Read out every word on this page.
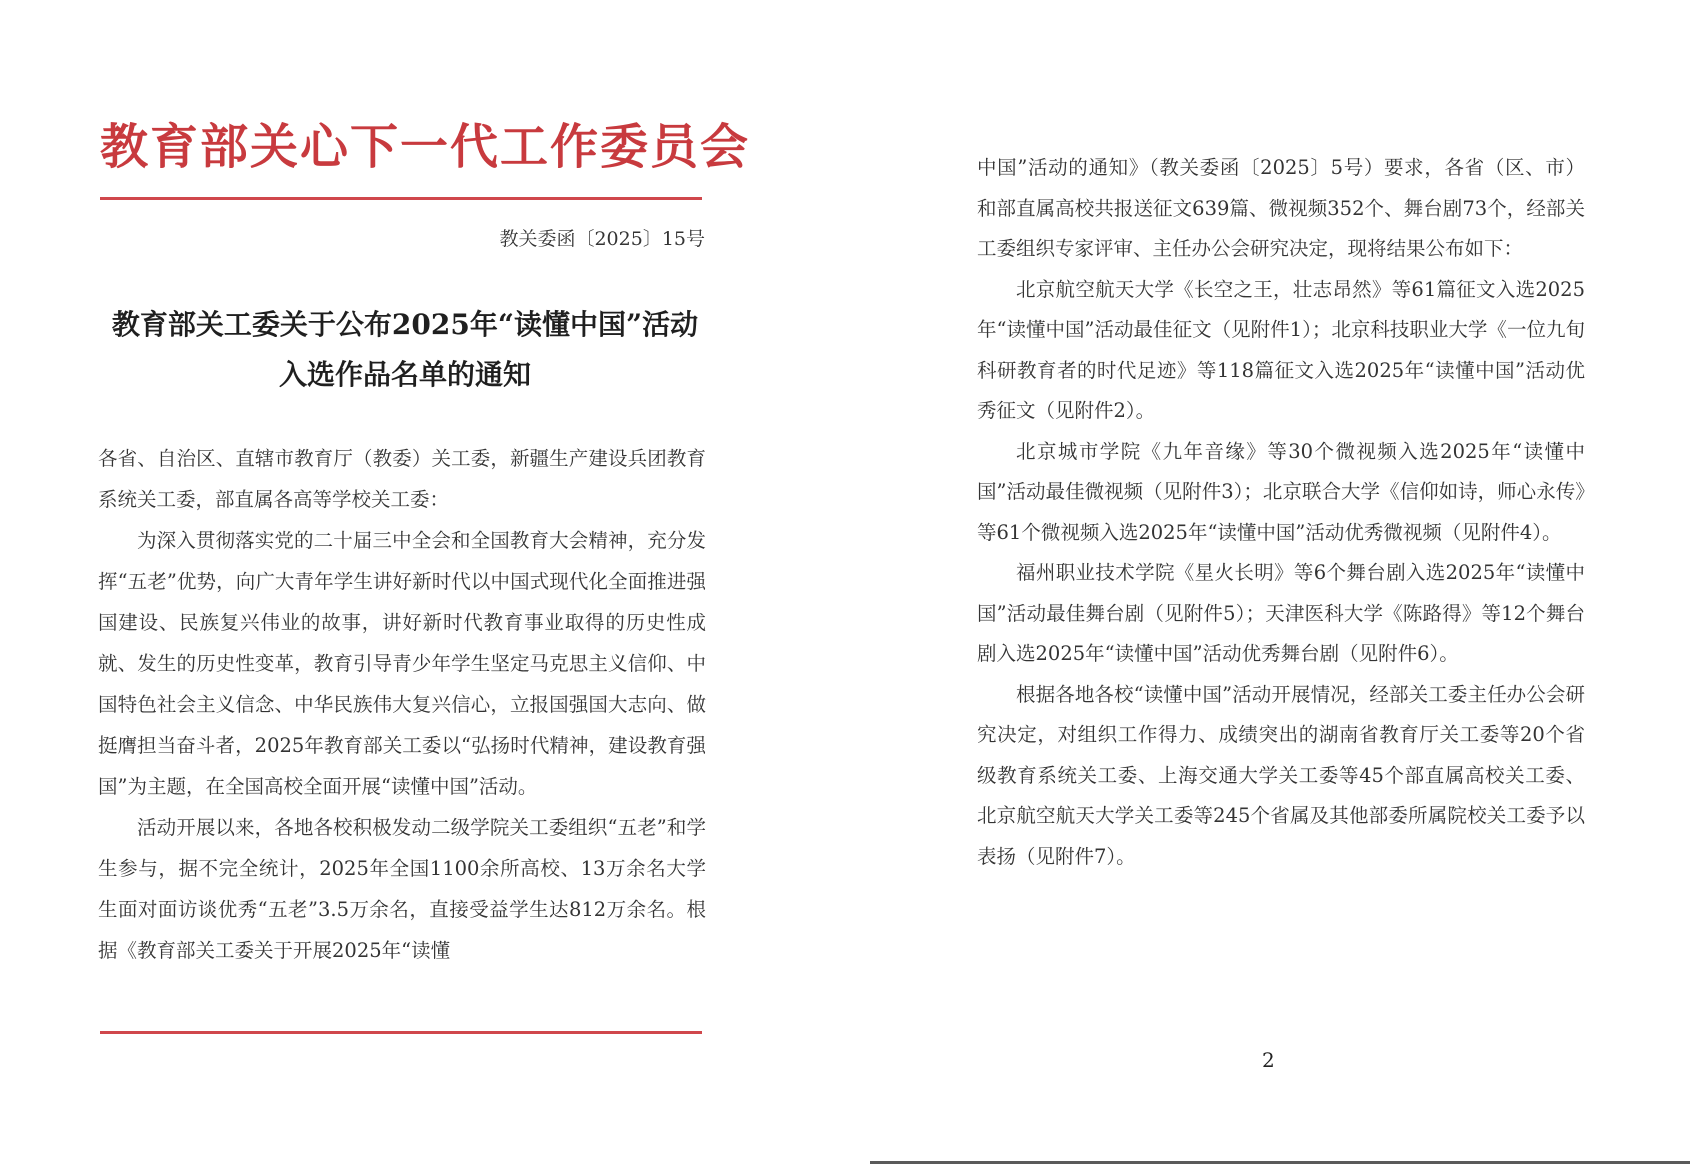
教育部关心下一代工作委员会
教关委函〔2025〕15号
教育部关工委关于公布2025年“读懂中国”活动
入选作品名单的通知

各省、自治区、直辖市教育厅（教委）关工委，新疆生产建设兵团教育系统关工委，部直属各高等学校关工委：

为深入贯彻落实党的二十届三中全会和全国教育大会精神，充分发挥“五老”优势，向广大青年学生讲好新时代以中国式现代化全面推进强国建设、民族复兴伟业的故事，讲好新时代教育事业取得的历史性成就、发生的历史性变革，教育引导青少年学生坚定马克思主义信仰、中国特色社会主义信念、中华民族伟大复兴信心，立报国强国大志向、做挺膺担当奋斗者，2025年教育部关工委以“弘扬时代精神，建设教育强国”为主题，在全国高校全面开展“读懂中国”活动。

活动开展以来，各地各校积极发动二级学院关工委组织“五老”和学生参与，据不完全统计，2025年全国1100余所高校、13万余名大学生面对面访谈优秀“五老”3.5万余名，直接受益学生达812万余名。根据《教育部关工委关于开展2025年“读懂

中国”活动的通知》（教关委函〔2025〕5号）要求，各省（区、市）和部直属高校共报送征文639篇、微视频352个、舞台剧73个，经部关工委组织专家评审、主任办公会研究决定，现将结果公布如下：

北京航空航天大学《长空之王，壮志昂然》等61篇征文入选2025年“读懂中国”活动最佳征文（见附件1）；北京科技职业大学《一位九旬科研教育者的时代足迹》等118篇征文入选2025年“读懂中国”活动优秀征文（见附件2）。

北京城市学院《九年音缘》等30个微视频入选2025年“读懂中国”活动最佳微视频（见附件3）；北京联合大学《信仰如诗，师心永传》等61个微视频入选2025年“读懂中国”活动优秀微视频（见附件4）。

福州职业技术学院《星火长明》等6个舞台剧入选2025年“读懂中国”活动最佳舞台剧（见附件5）；天津医科大学《陈路得》等12个舞台剧入选2025年“读懂中国”活动优秀舞台剧（见附件6）。

根据各地各校“读懂中国”活动开展情况，经部关工委主任办公会研究决定，对组织工作得力、成绩突出的湖南省教育厅关工委等20个省级教育系统关工委、上海交通大学关工委等45个部直属高校关工委、北京航空航天大学关工委等245个省属及其他部委所属院校关工委予以表扬（见附件7）。

2
